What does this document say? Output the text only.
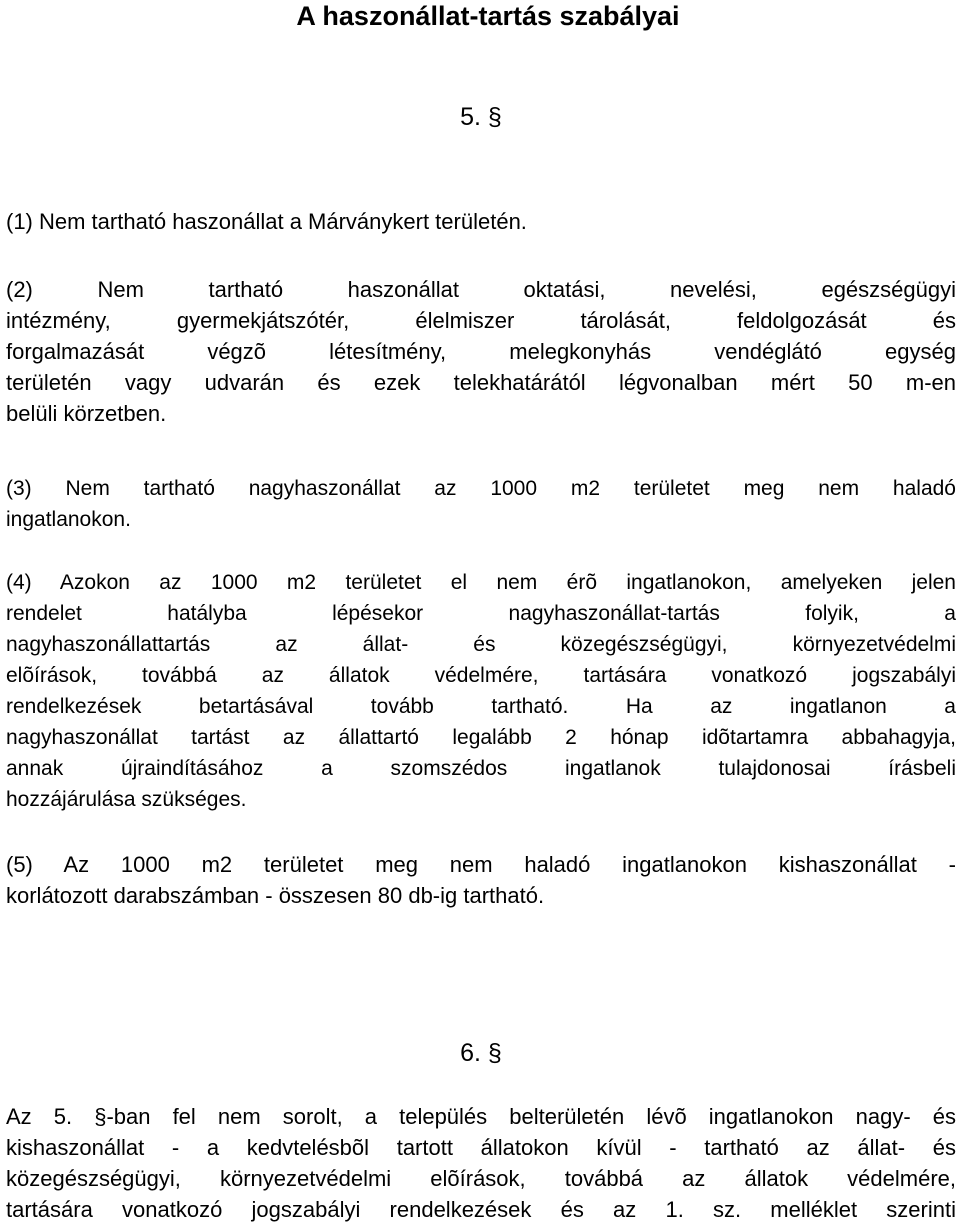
A haszonállat-tartás szabályai
5. §

(1) Nem tartható haszonállat a Márványkert területén.

(2) Nem tartható haszonállat oktatási, nevelési, egészségügyi
intézmény, gyermekjátszótér, élelmiszer tárolását, feldolgozását és
forgalmazását végzõ létesítmény, melegkonyhás vendéglátó egység
területén vagy udvarán és ezek telekhatárától légvonalban mért 50 m-en
belüli körzetben.

(3) Nem tartható nagyhaszonállat az 1000 m2 területet meg nem haladó
ingatlanokon.

(4) Azokon az 1000 m2 területet el nem érõ ingatlanokon, amelyeken jelen
rendelet hatályba lépésekor nagyhaszonállat-tartás folyik, a
nagyhaszonállattartás az állat- és közegészségügyi, környezetvédelmi
elõírások, továbbá az állatok védelmére, tartására vonatkozó jogszabályi
rendelkezések betartásával tovább tartható. Ha az ingatlanon a
nagyhaszonállat tartást az állattartó legalább 2 hónap idõtartamra abbahagyja,
annak újraindításához a szomszédos ingatlanok tulajdonosai írásbeli
hozzájárulása szükséges.

(5) Az 1000 m2 területet meg nem haladó ingatlanokon kishaszonállat -
korlátozott darabszámban - összesen 80 db-ig tartható.

6. §

Az 5. §-ban fel nem sorolt, a település belterületén lévõ ingatlanokon nagy- és
kishaszonállat - a kedvtelésbõl tartott állatokon kívül - tartható az állat- és
közegészségügyi, környezetvédelmi elõírások, továbbá az állatok védelmére,
tartására vonatkozó jogszabályi rendelkezések és az 1. sz. melléklet szerinti
